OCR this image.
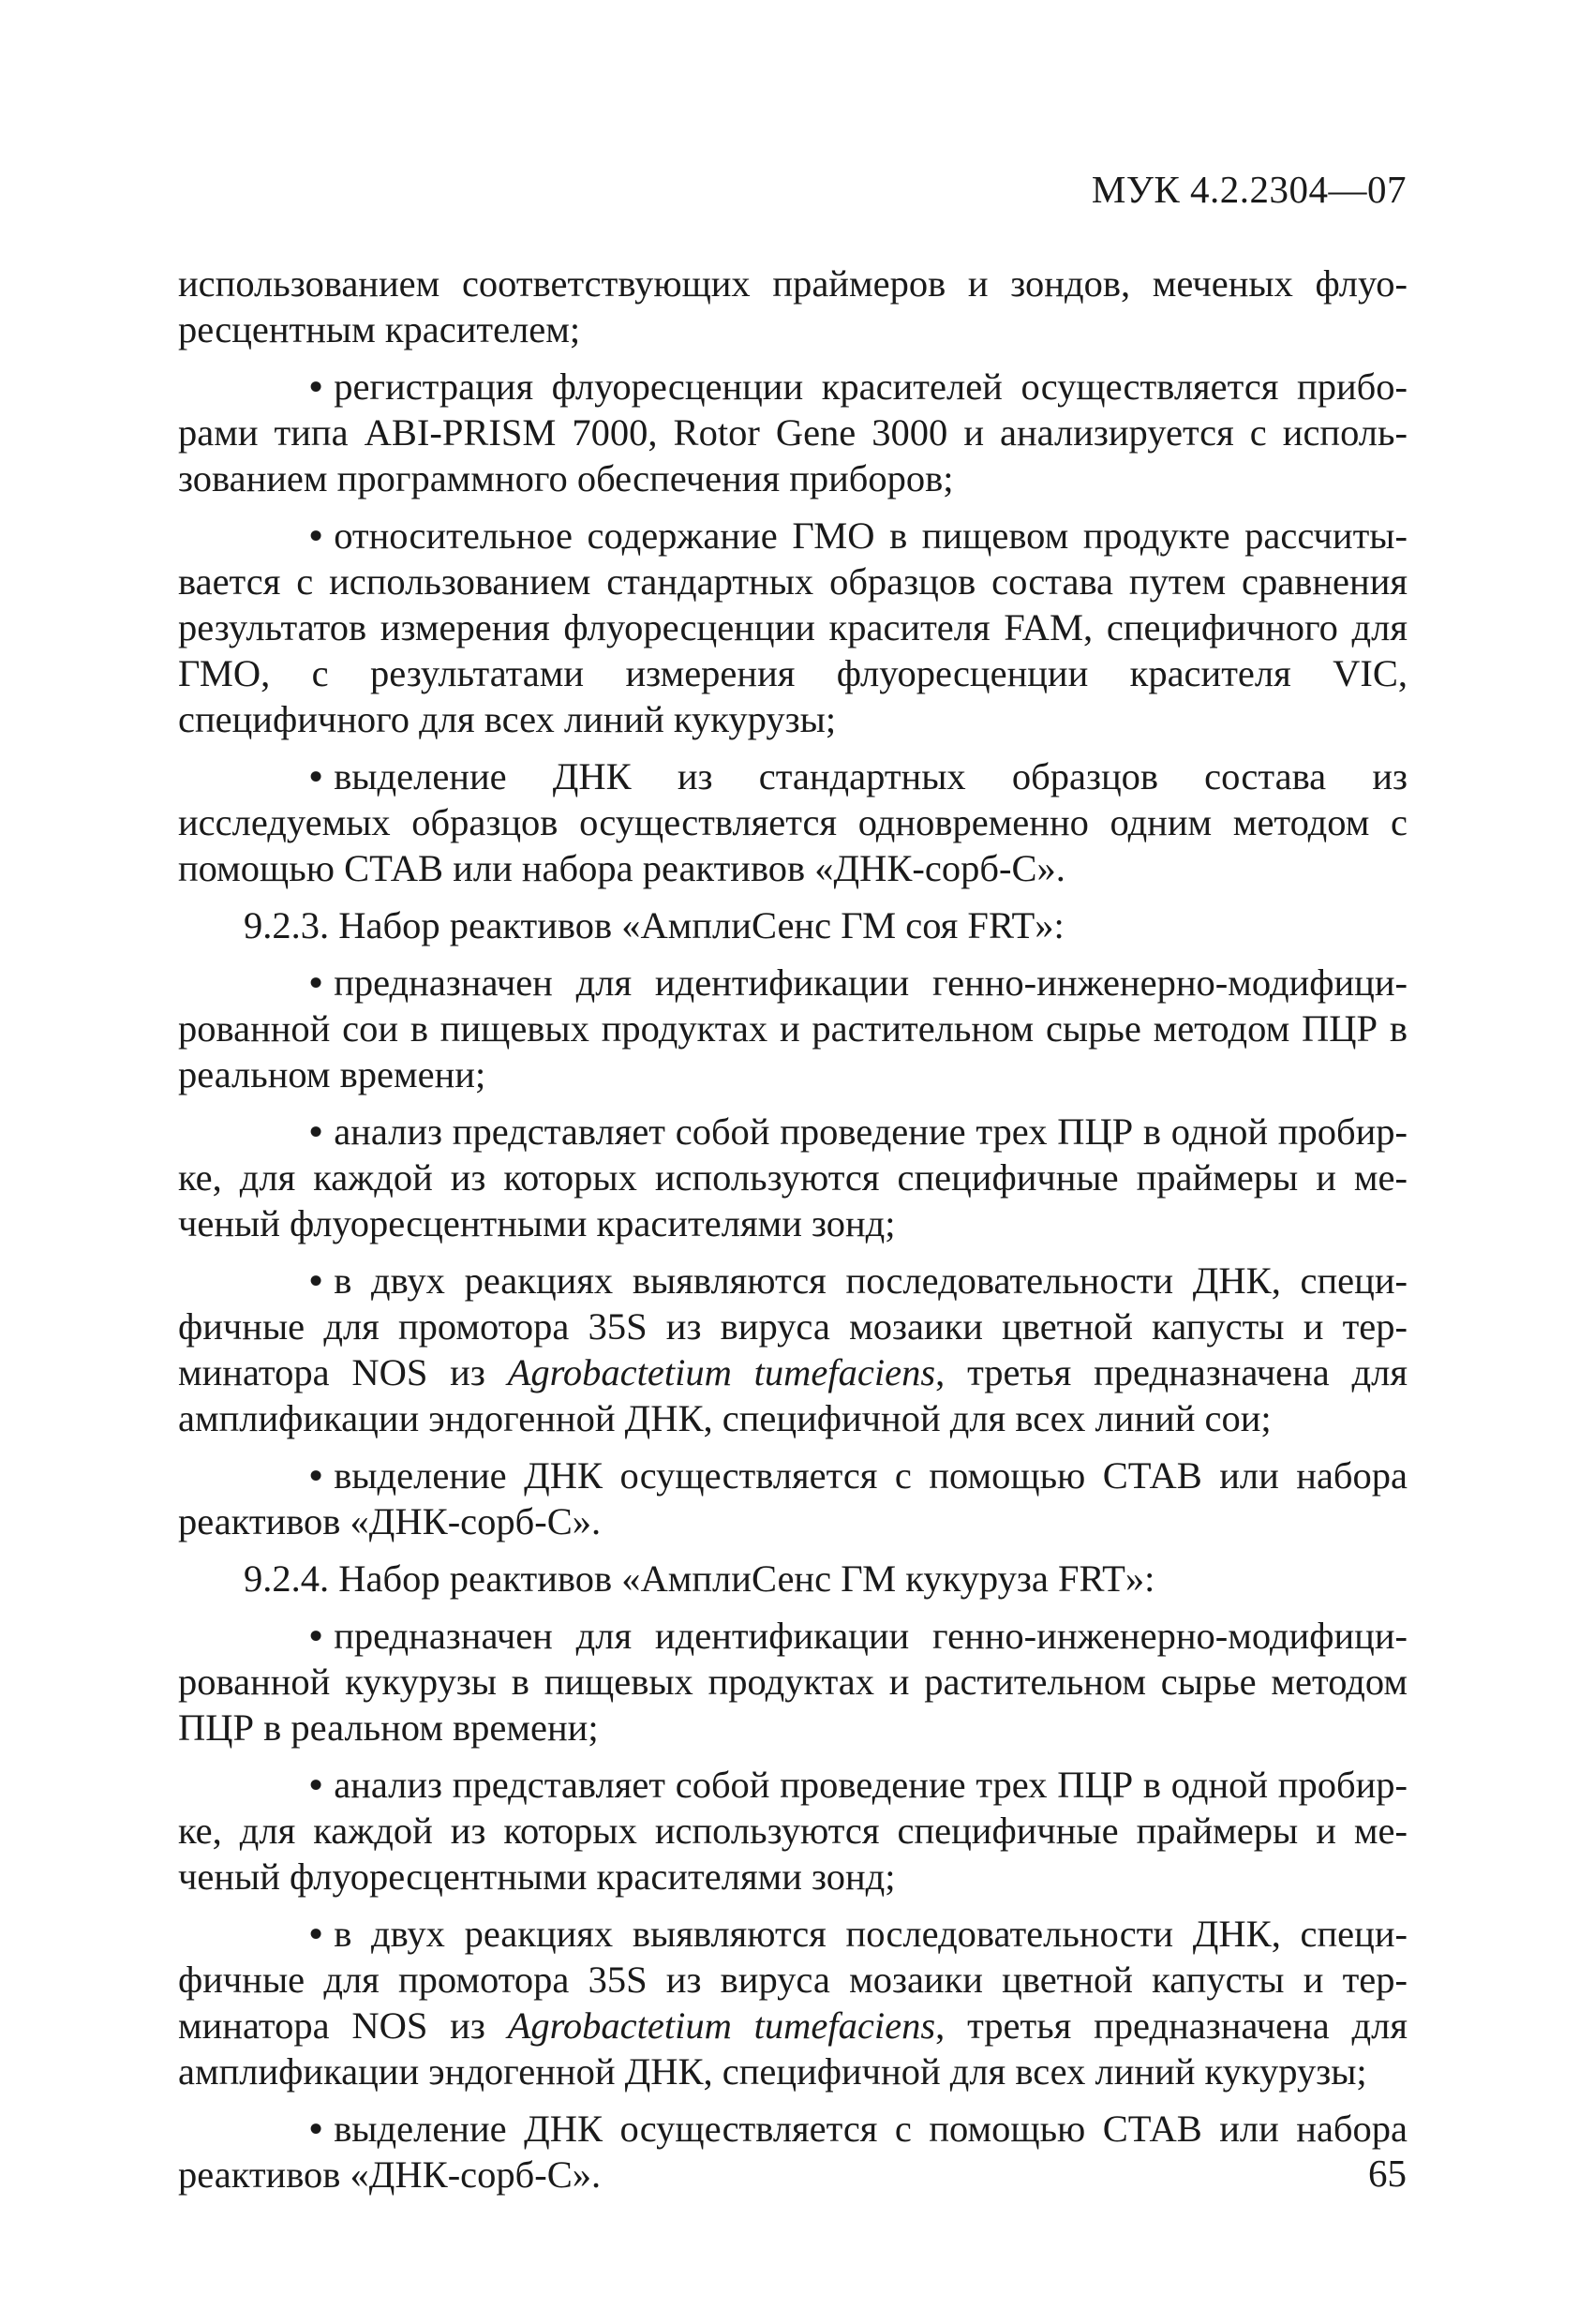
МУК 4.2.2304—07

использованием соответствующих праймеров и зондов, меченых флуоресцентным красителем;

• регистрация флуоресценции красителей осуществляется приборами типа ABI-PRISM 7000, Rotor Gene 3000 и анализируется с использованием программного обеспечения приборов;

• относительное содержание ГМО в пищевом продукте рассчитывается с использованием стандартных образцов состава путем сравнения результатов измерения флуоресценции красителя FAM, специфичного для ГМО, с результатами измерения флуоресценции красителя VIC, специфичного для всех линий кукурузы;

• выделение ДНК из стандартных образцов состава из исследуемых образцов осуществляется одновременно одним методом с помощью СТАВ или набора реактивов «ДНК-сорб-С».

9.2.3. Набор реактивов «АмплиСенс ГМ соя FRT»:

• предназначен для идентификации генно-инженерно-модифицированной сои в пищевых продуктах и растительном сырье методом ПЦР в реальном времени;

• анализ представляет собой проведение трех ПЦР в одной пробирке, для каждой из которых используются специфичные праймеры и меченый флуоресцентными красителями зонд;

• в двух реакциях выявляются последовательности ДНК, специфичные для промотора 35S из вируса мозаики цветной капусты и терминатора NOS из Agrobactetium tumefaciens, третья предназначена для амплификации эндогенной ДНК, специфичной для всех линий сои;

• выделение ДНК осуществляется с помощью СТАВ или набора реактивов «ДНК-сорб-С».

9.2.4. Набор реактивов «АмплиСенс ГМ кукуруза FRT»:

• предназначен для идентификации генно-инженерно-модифицированной кукурузы в пищевых продуктах и растительном сырье методом ПЦР в реальном времени;

• анализ представляет собой проведение трех ПЦР в одной пробирке, для каждой из которых используются специфичные праймеры и меченый флуоресцентными красителями зонд;

• в двух реакциях выявляются последовательности ДНК, специфичные для промотора 35S из вируса мозаики цветной капусты и терминатора NOS из Agrobactetium tumefaciens, третья предназначена для амплификации эндогенной ДНК, специфичной для всех линий кукурузы;

• выделение ДНК осуществляется с помощью СТАВ или набора реактивов «ДНК-сорб-С».	65
